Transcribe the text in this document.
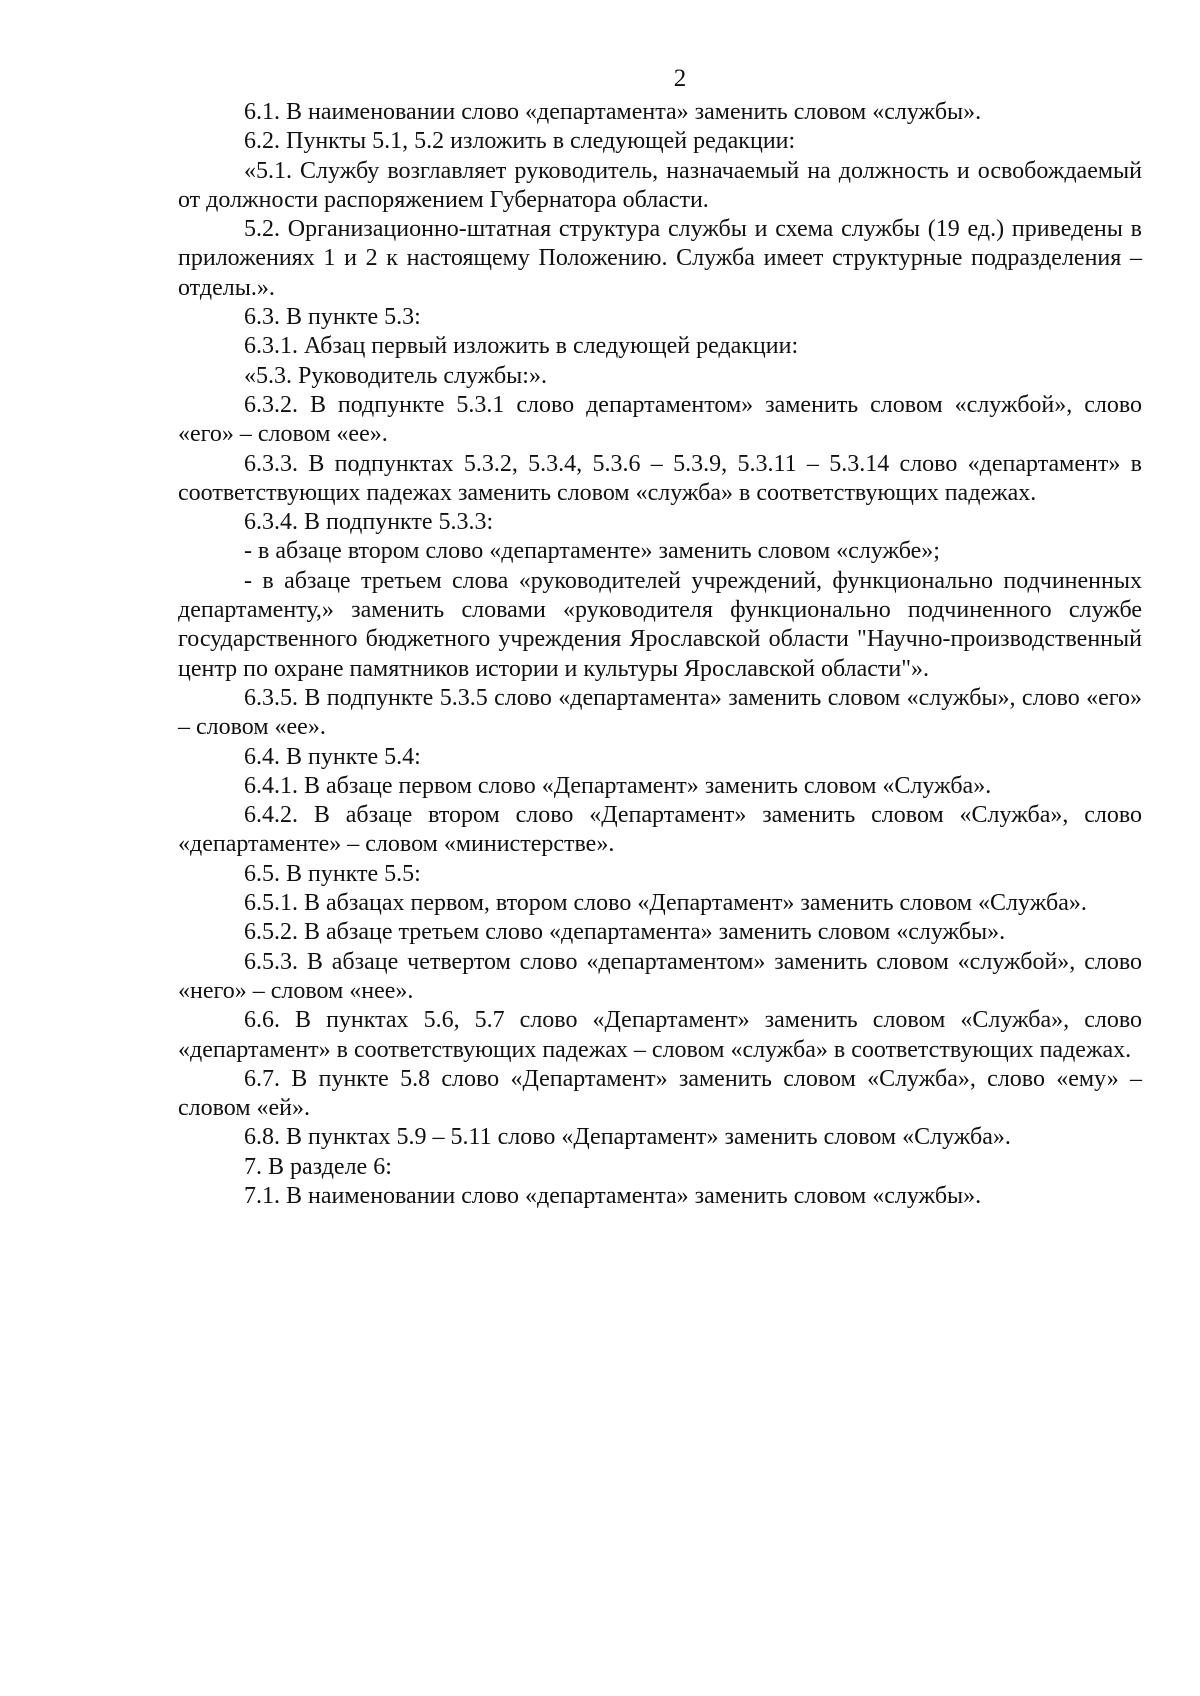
2

6.1. В наименовании слово «департамента» заменить словом «службы».

6.2. Пункты 5.1, 5.2 изложить в следующей редакции:

«5.1. Службу возглавляет руководитель, назначаемый на должность и освобождаемый от должности распоряжением Губернатора области.

5.2. Организационно-штатная структура службы и схема службы (19 ед.) приведены в приложениях 1 и 2 к настоящему Положению. Служба имеет структурные подразделения – отделы.».

6.3. В пункте 5.3:

6.3.1. Абзац первый изложить в следующей редакции:

«5.3. Руководитель службы:».

6.3.2. В подпункте 5.3.1 слово департаментом» заменить словом «службой», слово «его» – словом «ее».

6.3.3. В подпунктах 5.3.2, 5.3.4, 5.3.6 – 5.3.9, 5.3.11 – 5.3.14 слово «департамент» в соответствующих падежах заменить словом «служба» в соответствующих падежах.

6.3.4. В подпункте 5.3.3:

- в абзаце втором слово «департаменте» заменить словом «службе»;

- в абзаце третьем слова «руководителей учреждений, функционально подчиненных департаменту,» заменить словами «руководителя функционально подчиненного службе государственного бюджетного учреждения Ярославской области "Научно-производственный центр по охране памятников истории и культуры Ярославской области"».

6.3.5. В подпункте 5.3.5 слово «департамента» заменить словом «службы», слово «его» – словом «ее».

6.4. В пункте 5.4:

6.4.1. В абзаце первом слово «Департамент» заменить словом «Служба».

6.4.2. В абзаце втором слово «Департамент» заменить словом «Служба», слово «департаменте» – словом «министерстве».

6.5. В пункте 5.5:

6.5.1. В абзацах первом, втором слово «Департамент» заменить словом «Служба».

6.5.2. В абзаце третьем слово «департамента» заменить словом «службы».

6.5.3. В абзаце четвертом слово «департаментом» заменить словом «службой», слово «него» – словом «нее».

6.6. В пунктах 5.6, 5.7 слово «Департамент» заменить словом «Служба», слово «департамент» в соответствующих падежах – словом «служба» в соответствующих падежах.

6.7. В пункте 5.8 слово «Департамент» заменить словом «Служба», слово «ему» – словом «ей».

6.8. В пунктах 5.9 – 5.11 слово «Департамент» заменить словом «Служба».

7. В разделе 6:

7.1. В наименовании слово «департамента» заменить словом «службы».
